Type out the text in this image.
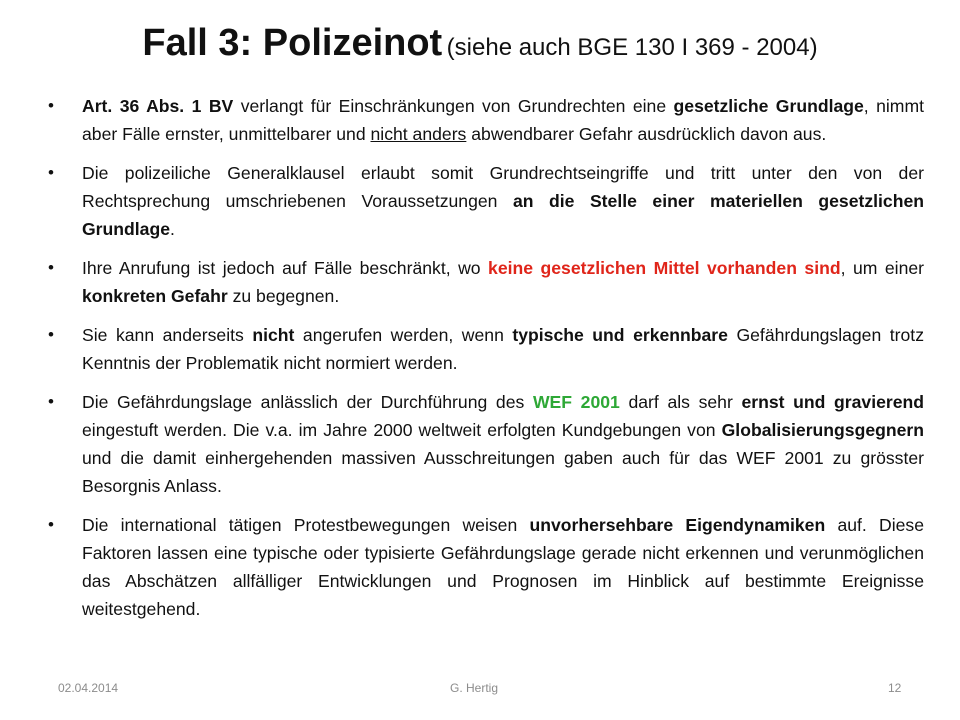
Fall 3: Polizeinot (siehe auch BGE 130 I 369 - 2004)
•	Art. 36 Abs. 1 BV verlangt für Einschränkungen von Grundrechten eine gesetzliche Grundlage, nimmt aber Fälle ernster, unmittelbarer und nicht anders abwendbarer Gefahr ausdrücklich davon aus.
•	Die polizeiliche Generalklausel erlaubt somit Grundrechtseingriffe und tritt unter den von der Rechtsprechung umschriebenen Voraussetzungen an die Stelle einer materiellen gesetzlichen Grundlage.
•	Ihre Anrufung ist jedoch auf Fälle beschränkt, wo keine gesetzlichen Mittel vorhanden sind, um einer konkreten Gefahr zu begegnen.
•	Sie kann anderseits nicht angerufen werden, wenn typische und erkennbare Gefährdungslagen trotz Kenntnis der Problematik nicht normiert werden.
•	Die Gefährdungslage anlässlich der Durchführung des WEF 2001 darf als sehr ernst und gravierend eingestuft werden. Die v.a. im Jahre 2000 weltweit erfolgten Kundgebungen von Globalisierungsgegnern und die damit einhergehenden massiven Ausschreitungen gaben auch für das WEF 2001 zu grösster Besorgnis Anlass.
•	Die international tätigen Protestbewegungen weisen unvorhersehbare Eigendynamiken auf. Diese Faktoren lassen eine typische oder typisierte Gefährdungslage gerade nicht erkennen und verunmöglichen das Abschätzen allfälliger Entwicklungen und Prognosen im Hinblick auf bestimmte Ereignisse weitestgehend.
02.04.2014	G. Hertig	12
